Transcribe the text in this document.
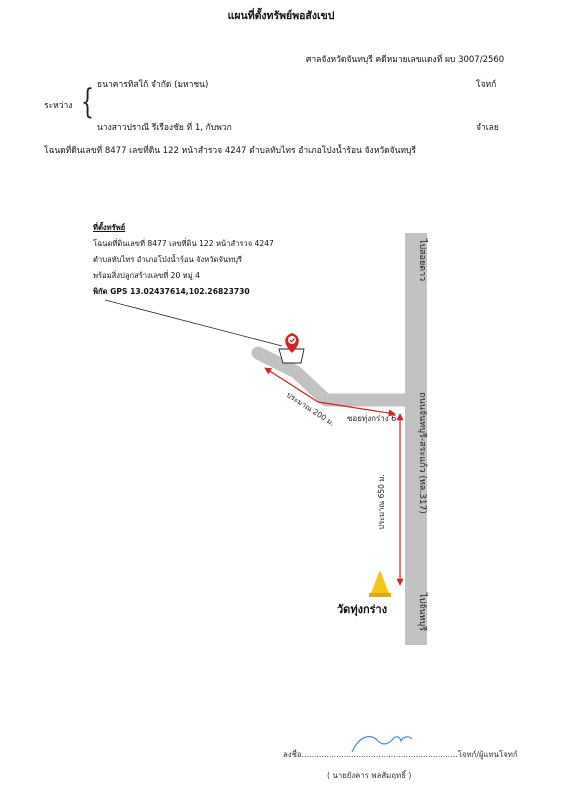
แผนที่ตั้งทรัพย์พอสังเขป
ศาลจังหวัดจันทบุรี คดีหมายเลขแดงที่ ผบ 3007/2560
ระหว่าง { ธนาคารทิสโก้ จำกัด (มหาชน)	โจทก์
นางสาวปราณี รีเรืองชัย ที่ 1, กับพวก	จำเลย
โฉนดที่ดินเลขที่ 8477 เลขที่ดิน 122 หน้าสำรวจ 4247 ตำบลทับไทร อำเภอโป่งน้ำร้อน จังหวัดจันทบุรี
ที่ตั้งทรัพย์
โฉนดที่ดินเลขที่ 8477 เลขที่ดิน 122 หน้าสำรวจ 4247
ตำบลทับไทร อำเภอโป่งน้ำร้อน จังหวัดจันทบุรี
พร้อมสิ่งปลูกสร้างเลขที่ 20 หมู่ 4
พิกัด GPS 13.02437614,102.26823730
ไปสอยดาว
ถนนจันทบุรี-สระแก้ว (ทล.317)
ไปจันทบุรี
ซอยทุ่งกร่าง 6
ประมาณ 200 ม.
ประมาณ 650 ม.
วัดทุ่งกร่าง
ลงชื่อ...............................................................โจทก์/ผู้แทนโจทก์
( นายยังคาร พลสัมฤทธิ์ )
